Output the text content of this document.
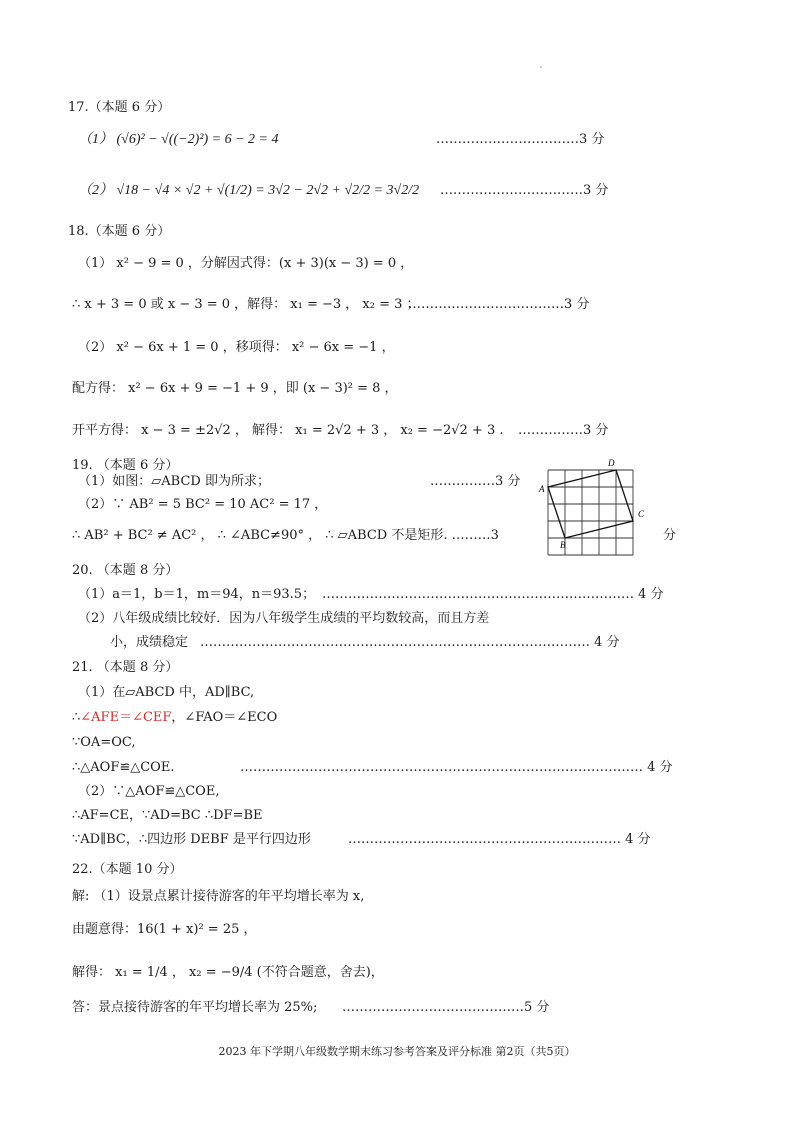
17.（本题 6 分）
（1） (√6)² − √((−2)²) = 6 − 2 = 4	……………………………3 分
（2） √18 − √4 × √2 + √(1/2) = 3√2 − 2√2 + √2/2 = 3√2/2 ……………………………3 分
18.（本题 6 分）
（1） x² − 9 = 0 ，分解因式得：(x + 3)(x − 3) = 0 ，
∴ x + 3 = 0 或 x − 3 = 0 ，解得： x₁ = −3 ， x₂ = 3 ；
………………………………3 分
（2） x² − 6x + 1 = 0 ，移项得： x² − 6x = −1 ，
配方得： x² − 6x + 9 = −1 + 9 ，即 (x − 3)² = 8 ，
开平方得： x − 3 = ±2√2 ， 解得： x₁ = 2√2 + 3 ， x₂ = −2√2 + 3 . ……………3 分
19. （本题 6 分）
（1）如图：▱ABCD 即为所求；	……………3 分
（2）∵ AB² = 5 BC² = 10 AC² = 17 ，
∴ AB² + BC² ≠ AC² ， ∴ ∠ABC≠90° ， ∴ ▱ABCD 不是矩形. ………3	分
A
B
C
D
20. （本题 8 分）
（1）a＝1，b＝1，m＝94，n＝93.5； ……………………………………………………………… 4 分
（2）八年级成绩比较好．因为八年级学生成绩的平均数较高，而且方差
小，成绩稳定 ……………………………………………………………………………… 4 分
21. （本题 8 分）
（1）在▱ABCD 中，AD∥BC,
∴∠AFE＝∠CEF，∠FAO＝∠ECO
∵OA=OC,
∴△AOF≌△COE.	………………………………………………………………………………… 4 分
（2）∵△AOF≌△COE,
∴AF=CE，∵AD=BC ∴DF=BE
∵AD∥BC，∴四边形 DEBF 是平行四边形	……………………………………………………… 4 分
22.（本题 10 分）
解: （1）设景点累计接待游客的年平均增长率为 x,
由题意得：16(1 + x)² = 25 ，
解得： x₁ = 1/4 ， x₂ = −9/4 (不符合题意，舍去)，
答：景点接待游客的年平均增长率为 25%; ……………………………………5 分
2023 年下学期八年级数学期末练习参考答案及评分标准 第2页（共5页）
